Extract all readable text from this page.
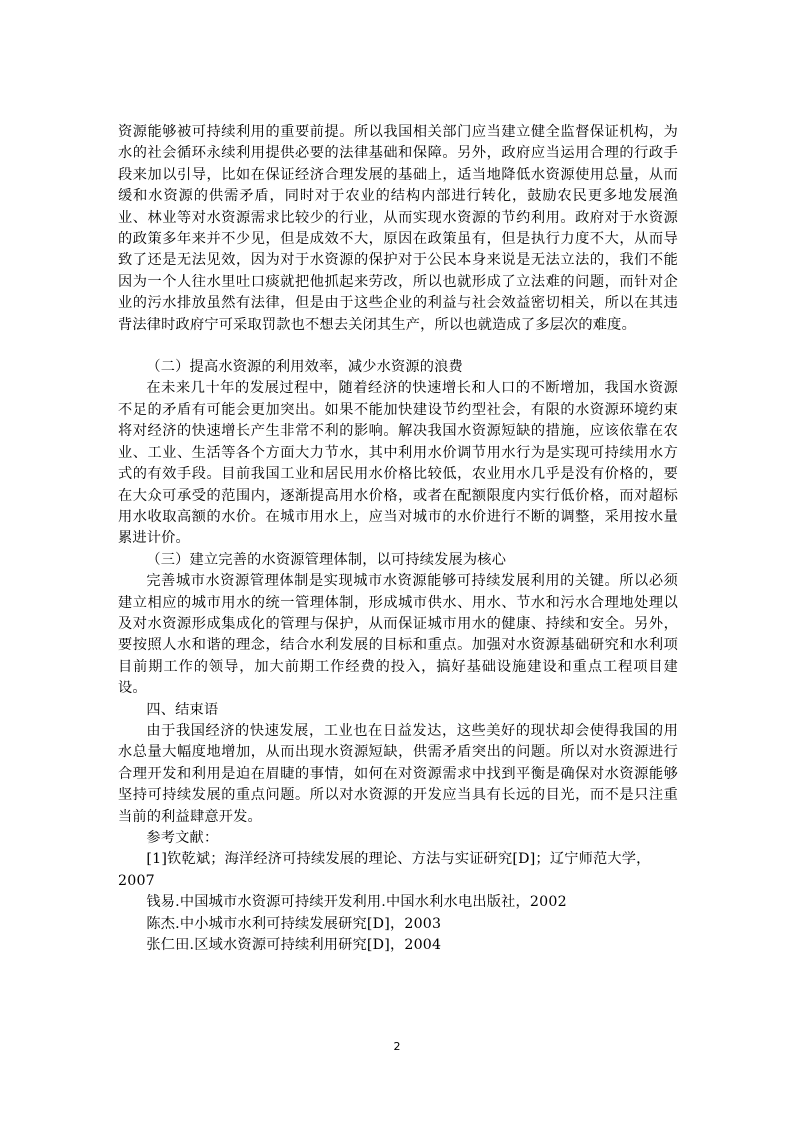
资源能够被可持续利用的重要前提。所以我国相关部门应当建立健全监督保证机构，为水的社会循环永续利用提供必要的法律基础和保障。另外，政府应当运用合理的行政手段来加以引导，比如在保证经济合理发展的基础上，适当地降低水资源使用总量，从而缓和水资源的供需矛盾，同时对于农业的结构内部进行转化，鼓励农民更多地发展渔业、林业等对水资源需求比较少的行业，从而实现水资源的节约利用。政府对于水资源的政策多年来并不少见，但是成效不大，原因在政策虽有，但是执行力度不大，从而导致了还是无法见效，因为对于水资源的保护对于公民本身来说是无法立法的，我们不能因为一个人往水里吐口痰就把他抓起来劳改，所以也就形成了立法难的问题，而针对企业的污水排放虽然有法律，但是由于这些企业的利益与社会效益密切相关，所以在其违背法律时政府宁可采取罚款也不想去关闭其生产，所以也就造成了多层次的难度。

（二）提高水资源的利用效率，减少水资源的浪费

在未来几十年的发展过程中，随着经济的快速增长和人口的不断增加，我国水资源不足的矛盾有可能会更加突出。如果不能加快建设节约型社会，有限的水资源环境约束将对经济的快速增长产生非常不利的影响。解决我国水资源短缺的措施，应该依靠在农业、工业、生活等各个方面大力节水，其中利用水价调节用水行为是实现可持续用水方式的有效手段。目前我国工业和居民用水价格比较低，农业用水几乎是没有价格的，要在大众可承受的范围内，逐渐提高用水价格，或者在配额限度内实行低价格，而对超标用水收取高额的水价。在城市用水上，应当对城市的水价进行不断的调整，采用按水量累进计价。

（三）建立完善的水资源管理体制，以可持续发展为核心

完善城市水资源管理体制是实现城市水资源能够可持续发展利用的关键。所以必须建立相应的城市用水的统一管理体制，形成城市供水、用水、节水和污水合理地处理以及对水资源形成集成化的管理与保护，从而保证城市用水的健康、持续和安全。另外，要按照人水和谐的理念，结合水利发展的目标和重点。加强对水资源基础研究和水利项目前期工作的领导，加大前期工作经费的投入，搞好基础设施建设和重点工程项目建设。

四、结束语

由于我国经济的快速发展，工业也在日益发达，这些美好的现状却会使得我国的用水总量大幅度地增加，从而出现水资源短缺，供需矛盾突出的问题。所以对水资源进行合理开发和利用是迫在眉睫的事情，如何在对资源需求中找到平衡是确保对水资源能够坚持可持续发展的重点问题。所以对水资源的开发应当具有长远的目光，而不是只注重当前的利益肆意开发。

参考文献：

[1]钦乾斌；海洋经济可持续发展的理论、方法与实证研究[D]；辽宁师范大学，2007

钱易.中国城市水资源可持续开发利用.中国水利水电出版社，2002

陈杰.中小城市水利可持续发展研究[D]，2003

张仁田.区域水资源可持续利用研究[D]，2004

2
